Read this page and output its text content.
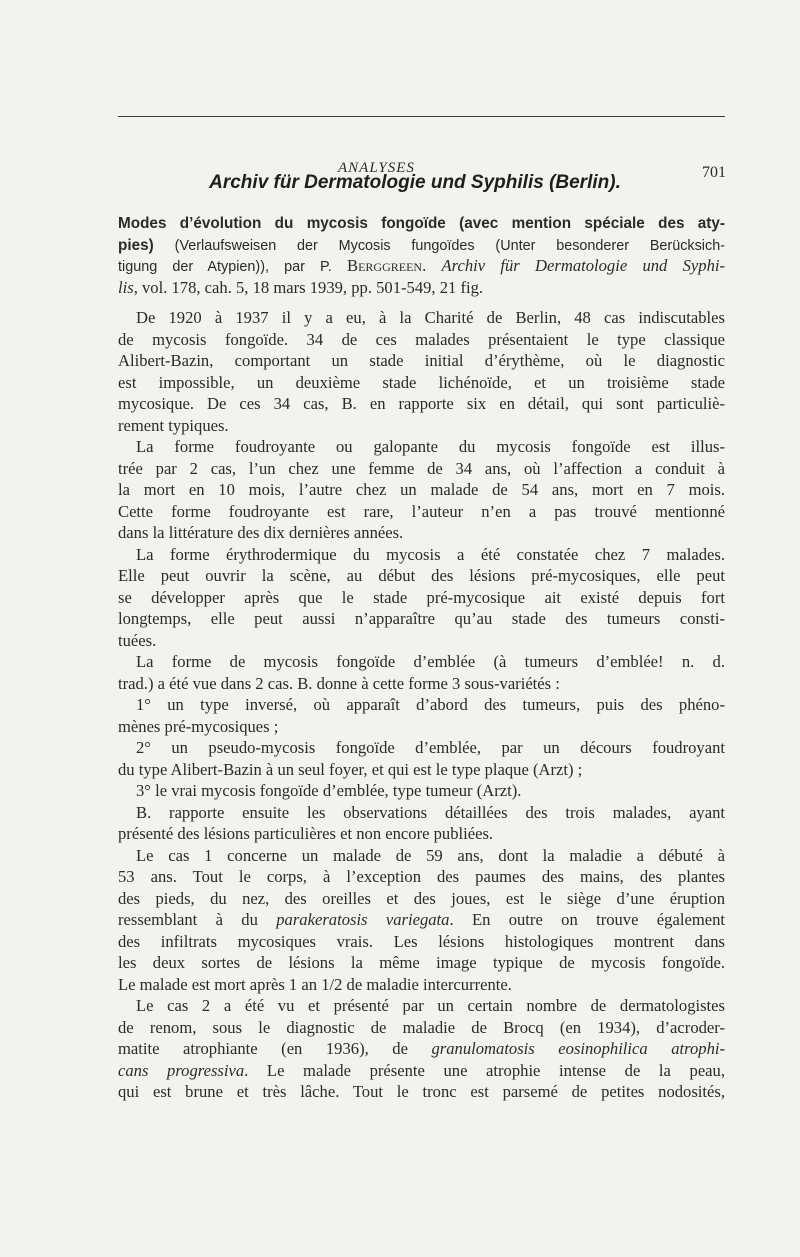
ANALYSES	701
Archiv für Dermatologie und Syphilis (Berlin).
Modes d’évolution du mycosis fongoïde (avec mention spéciale des aty-
pies) (Verlaufsweisen der Mycosis fungoïdes (Unter besonderer Berücksich-
tigung der Atypien)), par P. Berggreen. Archiv für Dermatologie und Syphi-
lis, vol. 178, cah. 5, 18 mars 1939, pp. 501-549, 21 fig.
De 1920 à 1937 il y a eu, à la Charité de Berlin, 48 cas indiscutables
de mycosis fongoïde. 34 de ces malades présentaient le type classique
Alibert-Bazin, comportant un stade initial d’érythème, où le diagnostic
est impossible, un deuxième stade lichénoïde, et un troisième stade
mycosique. De ces 34 cas, B. en rapporte six en détail, qui sont particuliè-
rement typiques.
La forme foudroyante ou galopante du mycosis fongoïde est illus-
trée par 2 cas, l’un chez une femme de 34 ans, où l’affection a conduit à
la mort en 10 mois, l’autre chez un malade de 54 ans, mort en 7 mois.
Cette forme foudroyante est rare, l’auteur n’en a pas trouvé mentionné
dans la littérature des dix dernières années.
La forme érythrodermique du mycosis a été constatée chez 7 malades.
Elle peut ouvrir la scène, au début des lésions pré-mycosiques, elle peut
se développer après que le stade pré-mycosique ait existé depuis fort
longtemps, elle peut aussi n’apparaître qu’au stade des tumeurs consti-
tuées.
La forme de mycosis fongoïde d’emblée (à tumeurs d’emblée! n. d.
trad.) a été vue dans 2 cas. B. donne à cette forme 3 sous-variétés :
1° un type inversé, où apparaît d’abord des tumeurs, puis des phéno-
mènes pré-mycosiques ;
2° un pseudo-mycosis fongoïde d’emblée, par un décours foudroyant
du type Alibert-Bazin à un seul foyer, et qui est le type plaque (Arzt) ;
3° le vrai mycosis fongoïde d’emblée, type tumeur (Arzt).
B. rapporte ensuite les observations détaillées des trois malades, ayant
présenté des lésions particulières et non encore publiées.
Le cas 1 concerne un malade de 59 ans, dont la maladie a débuté à
53 ans. Tout le corps, à l’exception des paumes des mains, des plantes
des pieds, du nez, des oreilles et des joues, est le siège d’une éruption
ressemblant à du parakeratosis variegata. En outre on trouve également
des infiltrats mycosiques vrais. Les lésions histologiques montrent dans
les deux sortes de lésions la même image typique de mycosis fongoïde.
Le malade est mort après 1 an 1/2 de maladie intercurrente.
Le cas 2 a été vu et présenté par un certain nombre de dermatologistes
de renom, sous le diagnostic de maladie de Brocq (en 1934), d’acroder-
matite atrophiante (en 1936), de granulomatosis eosinophilica atrophi-
cans progressiva. Le malade présente une atrophie intense de la peau,
qui est brune et très lâche. Tout le tronc est parsemé de petites nodosités,
